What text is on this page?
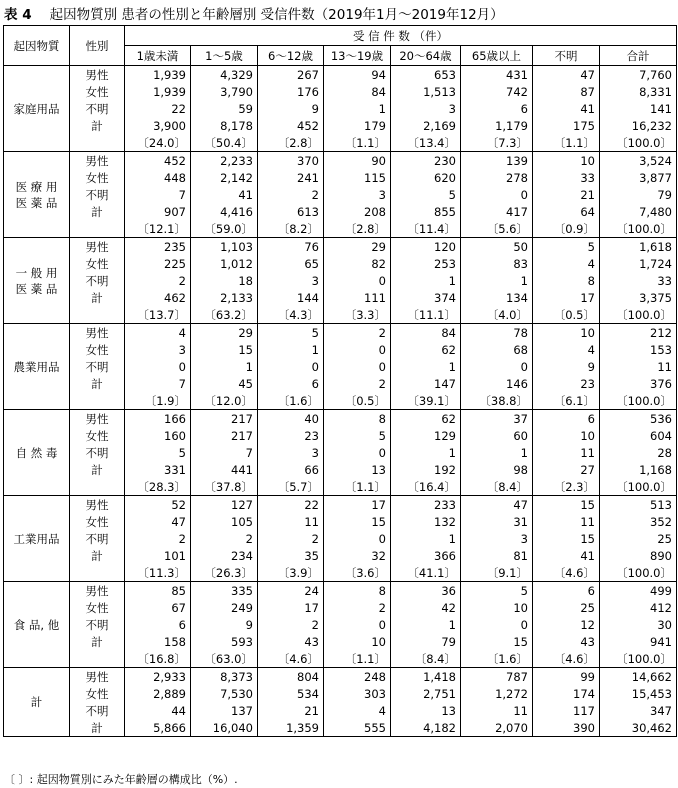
表 4 起因物質別 患者の性別と年齢層別 受信件数（2019年1月～2019年12月）
起因物質	性別	受 信 件 数 （件）							
		1歳未満	1～5歳	6～12歳	13～19歳	20～64歳	65歳以上	不明	合計
家庭用品	男性	1,939	4,329	267	94	653	431	47	7,760
	女性	1,939	3,790	176	84	1,513	742	87	8,331
	不明	22	59	9	1	3	6	41	141
	計	3,900	8,178	452	179	2,169	1,179	175	16,232
		〔24.0〕	〔50.4〕	〔2.8〕	〔1.1〕	〔13.4〕	〔7.3〕	〔1.1〕	〔100.0〕
医 療 用
医 薬 品	男性	452	2,233	370	90	230	139	10	3,524
	女性	448	2,142	241	115	620	278	33	3,877
	不明	7	41	2	3	5	0	21	79
	計	907	4,416	613	208	855	417	64	7,480
		〔12.1〕	〔59.0〕	〔8.2〕	〔2.8〕	〔11.4〕	〔5.6〕	〔0.9〕	〔100.0〕
一 般 用
医 薬 品	男性	235	1,103	76	29	120	50	5	1,618
	女性	225	1,012	65	82	253	83	4	1,724
	不明	2	18	3	0	1	1	8	33
	計	462	2,133	144	111	374	134	17	3,375
		〔13.7〕	〔63.2〕	〔4.3〕	〔3.3〕	〔11.1〕	〔4.0〕	〔0.5〕	〔100.0〕
農業用品	男性	4	29	5	2	84	78	10	212
	女性	3	15	1	0	62	68	4	153
	不明	0	1	0	0	1	0	9	11
	計	7	45	6	2	147	146	23	376
		〔1.9〕	〔12.0〕	〔1.6〕	〔0.5〕	〔39.1〕	〔38.8〕	〔6.1〕	〔100.0〕
自 然 毒	男性	166	217	40	8	62	37	6	536
	女性	160	217	23	5	129	60	10	604
	不明	5	7	3	0	1	1	11	28
	計	331	441	66	13	192	98	27	1,168
		〔28.3〕	〔37.8〕	〔5.7〕	〔1.1〕	〔16.4〕	〔8.4〕	〔2.3〕	〔100.0〕
工業用品	男性	52	127	22	17	233	47	15	513
	女性	47	105	11	15	132	31	11	352
	不明	2	2	2	0	1	3	15	25
	計	101	234	35	32	366	81	41	890
		〔11.3〕	〔26.3〕	〔3.9〕	〔3.6〕	〔41.1〕	〔9.1〕	〔4.6〕	〔100.0〕
食 品, 他	男性	85	335	24	8	36	5	6	499
	女性	67	249	17	2	42	10	25	412
	不明	6	9	2	0	1	0	12	30
	計	158	593	43	10	79	15	43	941
		〔16.8〕	〔63.0〕	〔4.6〕	〔1.1〕	〔8.4〕	〔1.6〕	〔4.6〕	〔100.0〕
計	男性	2,933	8,373	804	248	1,418	787	99	14,662
	女性	2,889	7,530	534	303	2,751	1,272	174	15,453
	不明	44	137	21	4	13	11	117	347
	計	5,866	16,040	1,359	555	4,182	2,070	390	30,462
〔 〕: 起因物質別にみた年齢層の構成比（%）.
